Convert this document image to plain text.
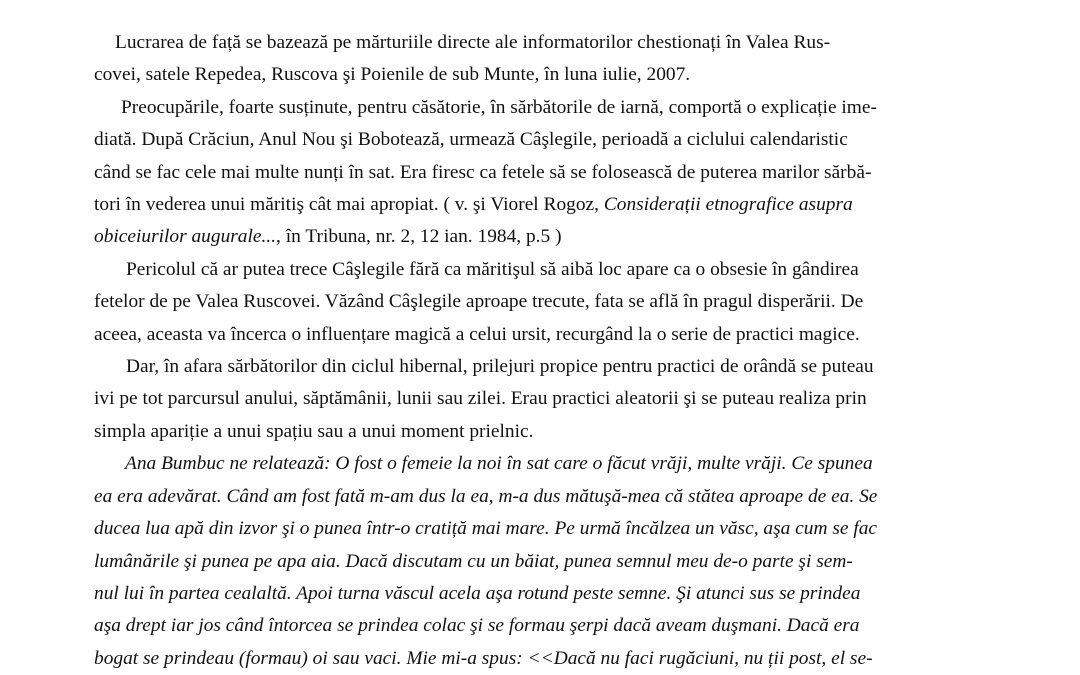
Lucrarea de față se bazează pe mărturiile directe ale informatorilor chestionați în Valea Rus-
covei, satele Repedea, Ruscova şi Poienile de sub Munte, în luna iulie, 2007.

Preocupările, foarte susținute, pentru căsătorie, în sărbătorile de iarnă, comportă o explicație ime-
diată. După Crăciun, Anul Nou şi Bobotează, urmează Câşlegile, perioadă a ciclului calendaristic
când se fac cele mai multe nunți în sat. Era firesc ca fetele să se folosească de puterea marilor sărbă-
tori în vederea unui măritiş cât mai apropiat. ( v. şi Viorel Rogoz, Considerații etnografice asupra
obiceiurilor augurale..., în Tribuna, nr. 2, 12 ian. 1984, p.5 )

Pericolul că ar putea trece Câşlegile fără ca măritişul să aibă loc apare ca o obsesie în gândirea
fetelor de pe Valea Ruscovei. Văzând Câşlegile aproape trecute, fata se află în pragul disperării. De
aceea, aceasta va încerca o influențare magică a celui ursit, recurgând la o serie de practici magice.

Dar, în afara sărbătorilor din ciclul hibernal, prilejuri propice pentru practici de orândă se puteau
ivi pe tot parcursul anului, săptămânii, lunii sau zilei. Erau practici aleatorii şi se puteau realiza prin
simpla apariție a unui spațiu sau a unui moment prielnic.

Ana Bumbuc ne relatează: O fost o femeie la noi în sat care o făcut vrăji, multe vrăji. Ce spunea
ea era adevărat. Când am fost fată m-am dus la ea, m-a dus mătuşă-mea că stătea aproape de ea. Se
ducea lua apă din izvor şi o punea într-o cratiță mai mare. Pe urmă încălzea un văsc, aşa cum se fac
lumânările şi punea pe apa aia. Dacă discutam cu un băiat, punea semnul meu de-o parte şi sem-
nul lui în partea cealaltă. Apoi turna văscul acela aşa rotund peste semne. Şi atunci sus se prindea
aşa drept iar jos când întorcea se prindea colac şi se formau şerpi dacă aveam duşmani. Dacă era
bogat se prindeau (formau) oi sau vaci. Mie mi-a spus: <<Dacă nu faci rugăciuni, nu ții post, el se-
